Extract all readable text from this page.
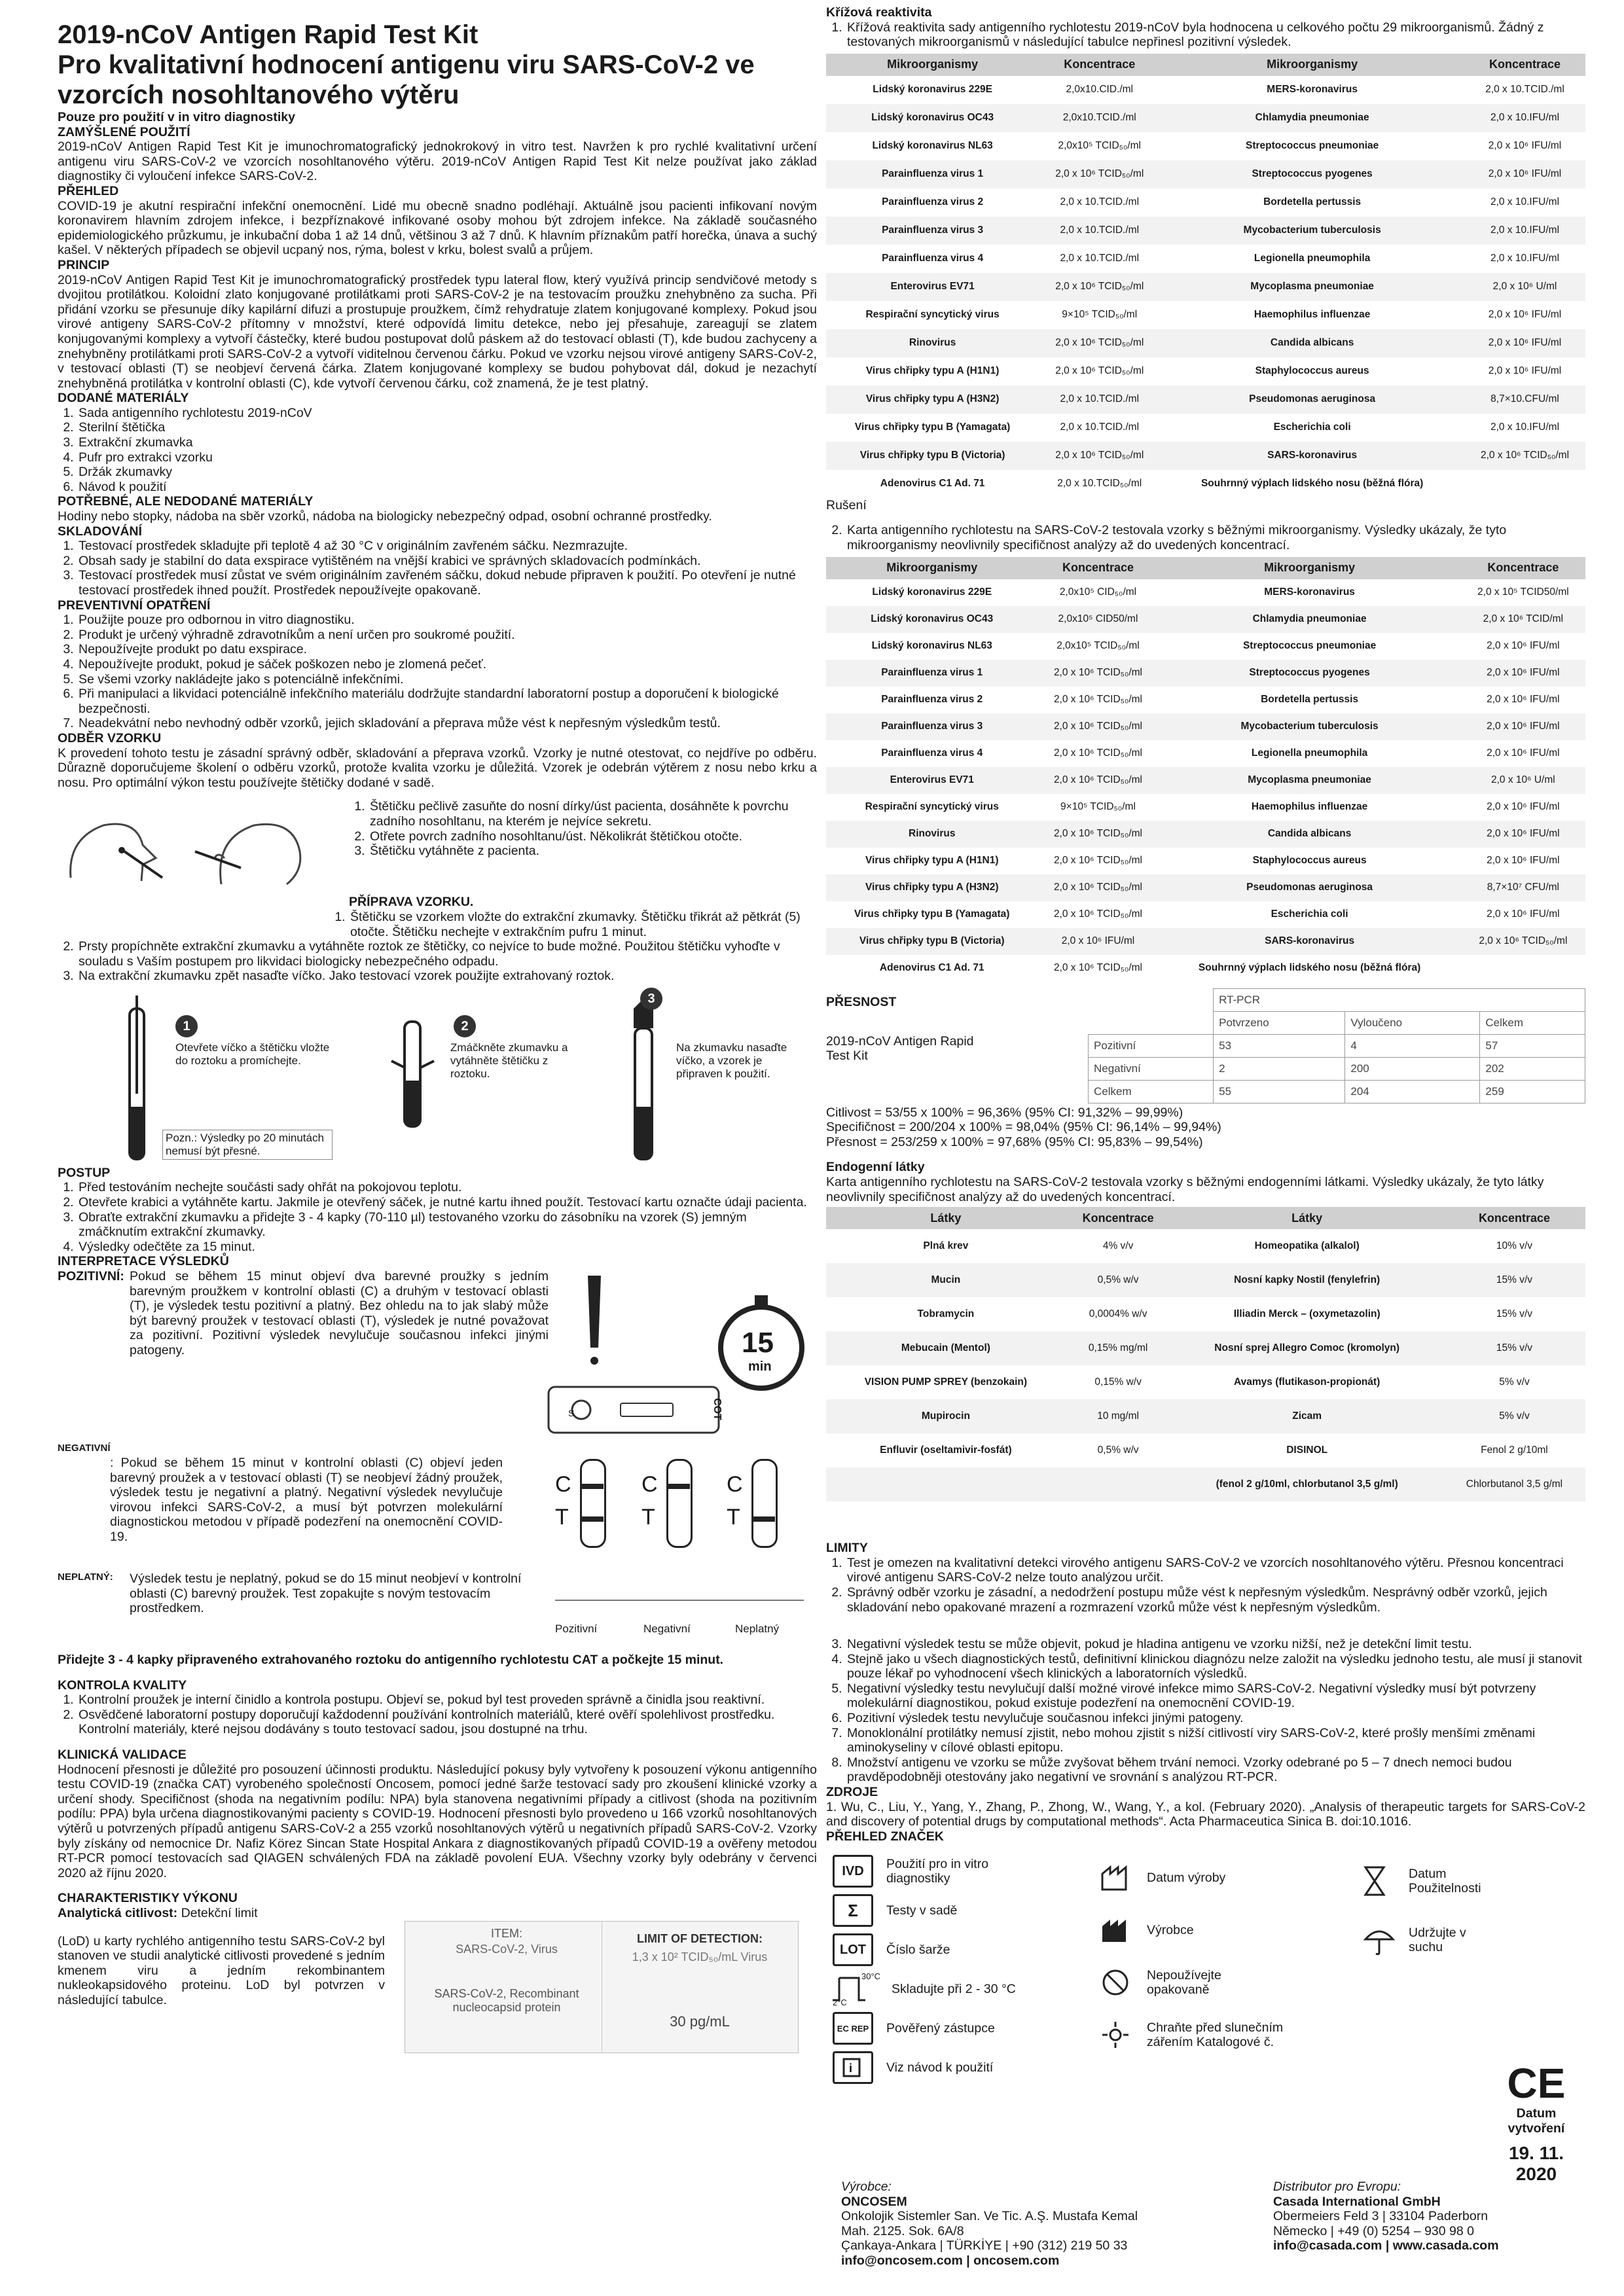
2019-nCoV Antigen Rapid Test Kit
Pro kvalitativní hodnocení antigenu viru SARS-CoV-2 ve vzorcích nosohltanového výtěru
Pouze pro použití v in vitro diagnostiky
ZAMÝŠLENÉ POUŽITÍ

2019-nCoV Antigen Rapid Test Kit je imunochromatografický jednokrokový in vitro test. Navržen k pro rychlé kvalitativní určení antigenu viru SARS-CoV-2 ve vzorcích nosohltanového výtěru. 2019-nCoV Antigen Rapid Test Kit nelze používat jako základ diagnostiky či vyloučení infekce SARS-CoV-2.

PŘEHLED

COVID-19 je akutní respirační infekční onemocnění. Lidé mu obecně snadno podléhají. Aktuálně jsou pacienti infikovaní novým koronavirem hlavním zdrojem infekce, i bezpříznakové infikované osoby mohou být zdrojem infekce. Na základě současného epidemiologického průzkumu, je inkubační doba 1 až 14 dnů, většinou 3 až 7 dnů. K hlavním příznakům patří horečka, únava a suchý kašel. V některých případech se objevil ucpaný nos, rýma, bolest v krku, bolest svalů a průjem.

PRINCIP

2019-nCoV Antigen Rapid Test Kit je imunochromatografický prostředek typu lateral flow, který využívá princip sendvičové metody s dvojitou protilátkou. Koloidní zlato konjugované protilátkami proti SARS-CoV-2 je na testovacím proužku znehybněno za sucha. Při přidání vzorku se přesunuje díky kapilární difuzi a prostupuje proužkem, čímž rehydratuje zlatem konjugované komplexy. Pokud jsou virové antigeny SARS-CoV-2 přítomny v množství, které odpovídá limitu detekce, nebo jej přesahuje, zareagují se zlatem konjugovanými komplexy a vytvoří částečky, které budou postupovat dolů páskem až do testovací oblasti (T), kde budou zachyceny a znehybněny protilátkami proti SARS-CoV-2 a vytvoří viditelnou červenou čárku. Pokud ve vzorku nejsou virové antigeny SARS-CoV-2, v testovací oblasti (T) se neobjeví červená čárka. Zlatem konjugované komplexy se budou pohybovat dál, dokud je nezachytí znehybněná protilátka v kontrolní oblasti (C), kde vytvoří červenou čárku, což znamená, že je test platný.

DODANÉ MATERIÁLY
1. Sada antigenního rychlotestu 2019-nCoV
2. Sterilní štětička
3. Extrakční zkumavka
4. Pufr pro extrakci vzorku
5. Držák zkumavky
6. Návod k použití
POTŘEBNÉ, ALE NEDODANÉ MATERIÁLY

Hodiny nebo stopky, nádoba na sběr vzorků, nádoba na biologicky nebezpečný odpad, osobní ochranné prostředky.

SKLADOVÁNÍ
1. Testovací prostředek skladujte při teplotě 4 až 30 °C v originálním zavřeném sáčku. Nezmrazujte.
2. Obsah sady je stabilní do data exspirace vytištěném na vnější krabici ve správných skladovacích podmínkách.
3. Testovací prostředek musí zůstat ve svém originálním zavřeném sáčku, dokud nebude připraven k použití. Po otevření je nutné testovací prostředek ihned použít. Prostředek nepoužívejte opakovaně.
PREVENTIVNÍ OPATŘENÍ
1. Použijte pouze pro odbornou in vitro diagnostiku.
2. Produkt je určený výhradně zdravotníkům a není určen pro soukromé použití.
3. Nepoužívejte produkt po datu exspirace.
4. Nepoužívejte produkt, pokud je sáček poškozen nebo je zlomená pečeť.
5. Se všemi vzorky nakládejte jako s potenciálně infekčními.
6. Při manipulaci a likvidaci potenciálně infekčního materiálu dodržujte standardní laboratorní postup a doporučení k biologické bezpečnosti.
7. Neadekvátní nebo nevhodný odběr vzorků, jejich skladování a přeprava může vést k nepřesným výsledkům testů.
ODBĚR VZORKU

K provedení tohoto testu je zásadní správný odběr, skladování a přeprava vzorků. Vzorky je nutné otestovat, co nejdříve po odběru. Důrazně doporučujeme školení o odběru vzorků, protože kvalita vzorku je důležitá. Vzorek je odebrán výtěrem z nosu nebo krku a nosu. Pro optimální výkon testu používejte štětičky dodané v sadě.

1. Štětičku pečlivě zasuňte do nosní dírky/úst pacienta, dosáhněte k povrchu zadního nosohltanu, na kterém je nejvíce sekretu.
2. Otřete povrch zadního nosohltanu/úst. Několikrát štětičkou otočte.
3. Štětičku vytáhněte z pacienta.
PŘÍPRAVA VZORKU.
1. Štětičku se vzorkem vložte do extrakční zkumavky. Štětičku třikrát až pětkrát (5) otočte. Štětičku nechejte v extrakčním pufru 1 minut.
2. Prsty propíchněte extrakční zkumavku a vytáhněte roztok ze štětičky, co nejvíce to bude možné. Použitou štětičku vyhoďte v souladu s Vaším postupem pro likvidaci biologicky nebezpečného odpadu.
3. Na extrakční zkumavku zpět nasaďte víčko. Jako testovací vzorek použijte extrahovaný roztok.
1	2
3
Otevřete víčko a štětičku vložte do roztoku a promíchejte.
Zmáčkněte zkumavku a vytáhněte štětičku z roztoku.
Na zkumavku nasaďte víčko, a vzorek je připraven k použití.
Pozn.: Výsledky po 20 minutách nemusí být přesné.
POSTUP
1. Před testováním nechejte součásti sady ohřát na pokojovou teplotu.
2. Otevřete krabici a vytáhněte kartu. Jakmile je otevřený sáček, je nutné kartu ihned použít. Testovací kartu označte údaji pacienta.
3. Obraťte extrakční zkumavku a přidejte 3 - 4 kapky (70-110 µl) testovaného vzorku do zásobníku na vzorek (S) jemným zmáčknutím extrakční zkumavky.
4. Výsledky odečtěte za 15 minut.
INTERPRETACE VÝSLEDKŮ
POZITIVNÍ: Pokud se během 15 minut objeví dva barevné proužky s jedním barevným proužkem v kontrolní oblasti (C) a druhým v testovací oblasti (T), je výsledek testu pozitivní a platný. Bez ohledu na to jak slabý může být barevný proužek v testovací oblasti (T), výsledek je nutné považovat za pozitivní. Pozitivní výsledek nevylučuje současnou infekci jinými patogeny.

NEGATIVNÍ

: Pokud se během 15 minut v kontrolní oblasti (C) objeví jeden barevný proužek a v testovací oblasti (T) se neobjeví žádný proužek, výsledek testu je negativní a platný. Negativní výsledek nevylučuje virovou infekci SARS-CoV-2, a musí být potvrzen molekulární diagnostickou metodou v případě podezření na onemocnění COVID-19.

NEPLATNÝ: Výsledek testu je neplatný, pokud se do 15 minut neobjeví v kontrolní oblasti (C) barevný proužek. Test zopakujte s novým testovacím prostředkem.

S	COT
15
min
C
T
C
T
C
T
Pozitivní	Negativní	Neplatný
Přidejte 3 - 4 kapky připraveného extrahovaného roztoku do antigenního rychlotestu CAT a počkejte 15 minut.
KONTROLA KVALITY
1. Kontrolní proužek je interní činidlo a kontrola postupu. Objeví se, pokud byl test proveden správně a činidla jsou reaktivní.
2. Osvědčené laboratorní postupy doporučují každodenní používání kontrolních materiálů, které ověří spolehlivost prostředku. Kontrolní materiály, které nejsou dodávány s touto testovací sadou, jsou dostupné na trhu.
KLINICKÁ VALIDACE

Hodnocení přesnosti je důležité pro posouzení účinnosti produktu. Následující pokusy byly vytvořeny k posouzení výkonu antigenního testu COVID-19 (značka CAT) vyrobeného společností Oncosem, pomocí jedné šarže testovací sady pro zkoušení klinické vzorky a určení shody. Specifičnost (shoda na negativním podílu: NPA) byla stanovena negativními případy a citlivost (shoda na pozitivním podílu: PPA) byla určena diagnostikovanými pacienty s COVID-19. Hodnocení přesnosti bylo provedeno u 166 vzorků nosohltanových výtěrů u potvrzených případů antigenu SARS-CoV-2 a 255 vzorků nosohltanových výtěrů u negativních případů SARS-CoV-2. Vzorky byly získány od nemocnice Dr. Nafiz Körez Sincan State Hospital Ankara z diagnostikovaných případů COVID-19 a ověřeny metodou RT-PCR pomocí testovacích sad QIAGEN schválených FDA na základě povolení EUA. Všechny vzorky byly odebrány v červenci 2020 až říjnu 2020.

CHARAKTERISTIKY VÝKONU

Analytická citlivost: Detekční limit

(LoD) u karty rychlého antigenního testu SARS-CoV-2 byl stanoven ve studii analytické citlivosti provedené s jedním kmenem viru a jedním rekombinantem nukleokapsidového proteinu. LoD byl potvrzen v následující tabulce.

ITEM:
SARS-CoV-2, Virus
SARS-CoV-2, Recombinant nucleocapsid protein
LIMIT OF DETECTION:
1,3 x 10² TCID₅₀/mL Virus
30 pg/mL
Křížová reaktivita
1. Křížová reaktivita sady antigenního rychlotestu 2019-nCoV byla hodnocena u celkového počtu 29 mikroorganismů. Žádný z testovaných mikroorganismů v následující tabulce nepřinesl pozitivní výsledek.
Mikroorganismy	Koncentrace	Mikroorganismy	Koncentrace
Lidský koronavirus 229E	2,0x10.CID./ml	MERS-koronavirus	2,0 x 10.TCID./ml
Lidský koronavirus OC43	2,0x10.TCID./ml	Chlamydia pneumoniae	2,0 x 10.IFU/ml
Lidský koronavirus NL63	2,0x10⁵ TCID₅₀/ml	Streptococcus pneumoniae	2,0 x 10⁶ IFU/ml
Parainfluenza virus 1	2,0 x 10⁶ TCID₅₀/ml	Streptococcus pyogenes	2,0 x 10⁶ IFU/ml
Parainfluenza virus 2	2,0 x 10.TCID./ml	Bordetella pertussis	2,0 x 10.IFU/ml
Parainfluenza virus 3	2,0 x 10.TCID./ml	Mycobacterium tuberculosis	2,0 x 10.IFU/ml
Parainfluenza virus 4	2,0 x 10.TCID./ml	Legionella pneumophila	2,0 x 10.IFU/ml
Enterovirus EV71	2,0 x 10⁶ TCID₅₀/ml	Mycoplasma pneumoniae	2,0 x 10⁶ U/ml
Respirační syncytický virus	9×10⁵ TCID₅₀/ml	Haemophilus influenzae	2,0 x 10⁶ IFU/ml
Rinovirus	2,0 x 10⁶ TCID₅₀/ml	Candida albicans	2,0 x 10⁶ IFU/ml
Virus chřipky typu A (H1N1)	2,0 x 10⁶ TCID₅₀/ml	Staphylococcus aureus	2,0 x 10⁶ IFU/ml
Virus chřipky typu A (H3N2)	2,0 x 10.TCID./ml	Pseudomonas aeruginosa	8,7×10.CFU/ml
Virus chřipky typu B (Yamagata)	2,0 x 10.TCID./ml	Escherichia coli	2,0 x 10.IFU/ml
Virus chřipky typu B (Victoria)	2,0 x 10⁶ TCID₅₀/ml	SARS-koronavirus	2,0 x 10⁶ TCID₅₀/ml
Adenovirus C1 Ad. 71	2,0 x 10.TCID₅₀/ml	Souhrnný výplach lidského nosu (běžná flóra)	

Rušení

2. Karta antigenního rychlotestu na SARS-CoV-2 testovala vzorky s běžnými mikroorganismy. Výsledky ukázaly, že tyto mikroorganismy neovlivnily specifičnost analýzy až do uvedených koncentrací.
Mikroorganismy	Koncentrace	Mikroorganismy	Koncentrace
Lidský koronavirus 229E	2,0x10⁵ CID₅₀/ml	MERS-koronavirus	2,0 x 10⁵ TCID50/ml
Lidský koronavirus OC43	2,0x10⁵ CID50/ml	Chlamydia pneumoniae	2,0 x 10⁶ TCID/ml
Lidský koronavirus NL63	2,0x10⁵ TCID₅₀/ml	Streptococcus pneumoniae	2,0 x 10⁶ IFU/ml
Parainfluenza virus 1	2,0 x 10⁶ TCID₅₀/ml	Streptococcus pyogenes	2,0 x 10⁶ IFU/ml
Parainfluenza virus 2	2,0 x 10⁶ TCID₅₀/ml	Bordetella pertussis	2,0 x 10⁶ IFU/ml
Parainfluenza virus 3	2,0 x 10⁶ TCID₅₀/ml	Mycobacterium tuberculosis	2,0 x 10⁶ IFU/ml
Parainfluenza virus 4	2,0 x 10⁶ TCID₅₀/ml	Legionella pneumophila	2,0 x 10⁶ IFU/ml
Enterovirus EV71	2,0 x 10⁶ TCID₅₀/ml	Mycoplasma pneumoniae	2,0 x 10⁶ U/ml
Respirační syncytický virus	9×10⁵ TCID₅₀/ml	Haemophilus influenzae	2,0 x 10⁶ IFU/ml
Rinovirus	2,0 x 10⁶ TCID₅₀/ml	Candida albicans	2,0 x 10⁶ IFU/ml
Virus chřipky typu A (H1N1)	2,0 x 10⁶ TCID₅₀/ml	Staphylococcus aureus	2,0 x 10⁶ IFU/ml
Virus chřipky typu A (H3N2)	2,0 x 10⁶ TCID₅₀/ml	Pseudomonas aeruginosa	8,7×10⁷ CFU/ml
Virus chřipky typu B (Yamagata)	2,0 x 10⁶ TCID₅₀/ml	Escherichia coli	2,0 x 10⁶ IFU/ml
Virus chřipky typu B (Victoria)	2,0 x 10⁶ IFU/ml	SARS-koronavirus	2,0 x 10⁶ TCID₅₀/ml
Adenovirus C1 Ad. 71	2,0 x 10⁶ TCID₅₀/ml	Souhrnný výplach lidského nosu (běžná flóra)	
PŘESNOST

2019-nCoV Antigen Rapid Test Kit

	RT-PCR		
	Potvrzeno	Vyloučeno	Celkem
Pozitivní	53	4	57
Negativní	2	200	202
Celkem	55	204	259

Citlivost = 53/55 x 100% = 96,36% (95% CI: 91,32% – 99,99%)

Specifičnost = 200/204 x 100% = 98,04% (95% CI: 96,14% – 99,94%)

Přesnost = 253/259 x 100% = 97,68% (95% CI: 95,83% – 99,54%)

Endogenní látky

Karta antigenního rychlotestu na SARS-CoV-2 testovala vzorky s běžnými endogenními látkami. Výsledky ukázaly, že tyto látky neovlivnily specifičnost analýzy až do uvedených koncentrací.

Látky	Koncentrace	Látky	Koncentrace
Plná krev	4% v/v	Homeopatika (alkalol)	10% v/v
Mucin	0,5% w/v	Nosní kapky Nostil (fenylefrin)	15% v/v
Tobramycin	0,0004% w/v	Illiadin Merck – (oxymetazolin)	15% v/v
Mebucain (Mentol)	0,15% mg/ml	Nosní sprej Allegro Comoc (kromolyn)	15% v/v
VISION PUMP SPREY (benzokain)	0,15% w/v	Avamys (flutikason-propionát)	5% v/v
Mupirocin	10 mg/ml	Zicam	5% v/v
Enfluvir (oseltamivir-fosfát)	0,5% w/v	DISINOL	Fenol 2 g/10ml
		(fenol 2 g/10ml, chlorbutanol 3,5 g/ml)	Chlorbutanol 3,5 g/ml
LIMITY
1. Test je omezen na kvalitativní detekci virového antigenu SARS-CoV-2 ve vzorcích nosohltanového výtěru. Přesnou koncentraci virové antigenu SARS-CoV-2 nelze touto analýzou určit.
2. Správný odběr vzorku je zásadní, a nedodržení postupu může vést k nepřesným výsledkům. Nesprávný odběr vzorků, jejich skladování nebo opakované mrazení a rozmrazení vzorků může vést k nepřesným výsledkům.
3. Negativní výsledek testu se může objevit, pokud je hladina antigenu ve vzorku nižší, než je detekční limit testu.
4. Stejně jako u všech diagnostických testů, definitivní klinickou diagnózu nelze založit na výsledku jednoho testu, ale musí ji stanovit pouze lékař po vyhodnocení všech klinických a laboratorních výsledků.
5. Negativní výsledky testu nevylučují další možné virové infekce mimo SARS-CoV-2. Negativní výsledky musí být potvrzeny molekulární diagnostikou, pokud existuje podezření na onemocnění COVID-19.
6. Pozitivní výsledek testu nevylučuje současnou infekci jinými patogeny.
7. Monoklonální protilátky nemusí zjistit, nebo mohou zjistit s nižší citlivostí viry SARS-CoV-2, které prošly menšími změnami aminokyseliny v cílové oblasti epitopu.
8. Množství antigenu ve vzorku se může zvyšovat během trvání nemoci. Vzorky odebrané po 5 – 7 dnech nemoci budou pravděpodobněji otestovány jako negativní ve srovnání s analýzou RT-PCR.
ZDROJE

1. Wu, C., Liu, Y., Yang, Y., Zhang, P., Zhong, W., Wang, Y., a kol. (February 2020). „Analysis of therapeutic targets for SARS-CoV-2 and discovery of potential drugs by computational methods“. Acta Pharmaceutica Sinica B. doi:10.1016.

PŘEHLED ZNAČEK
IVD	Použití pro in vitro diagnostiky
Σ	Testy v sadě
LOT	Číslo šarže
30°C
2°C
Skladujte při 2 - 30 °C
EC REP	Pověřený zástupce
i	Viz návod k použití
Datum výroby
Výrobce
Nepoužívejte opakovaně
Chraňte před slunečním zářením Katalogové č.
Datum Použitelnosti
Udržujte v suchu
CE
Datum vytvoření
19. 11. 2020
Výrobce:
ONCOSEM
Onkolojik Sistemler San. Ve Tic. A.Ş. Mustafa Kemal
Mah. 2125. Sok. 6A/8
Çankaya-Ankara | TÜRKİYE | +90 (312) 219 50 33
info@oncosem.com | oncosem.com
Distributor pro Evropu:
Casada International GmbH
Obermeiers Feld 3 | 33104 Paderborn
Německo | +49 (0) 5254 – 930 98 0
info@casada.com | www.casada.com
